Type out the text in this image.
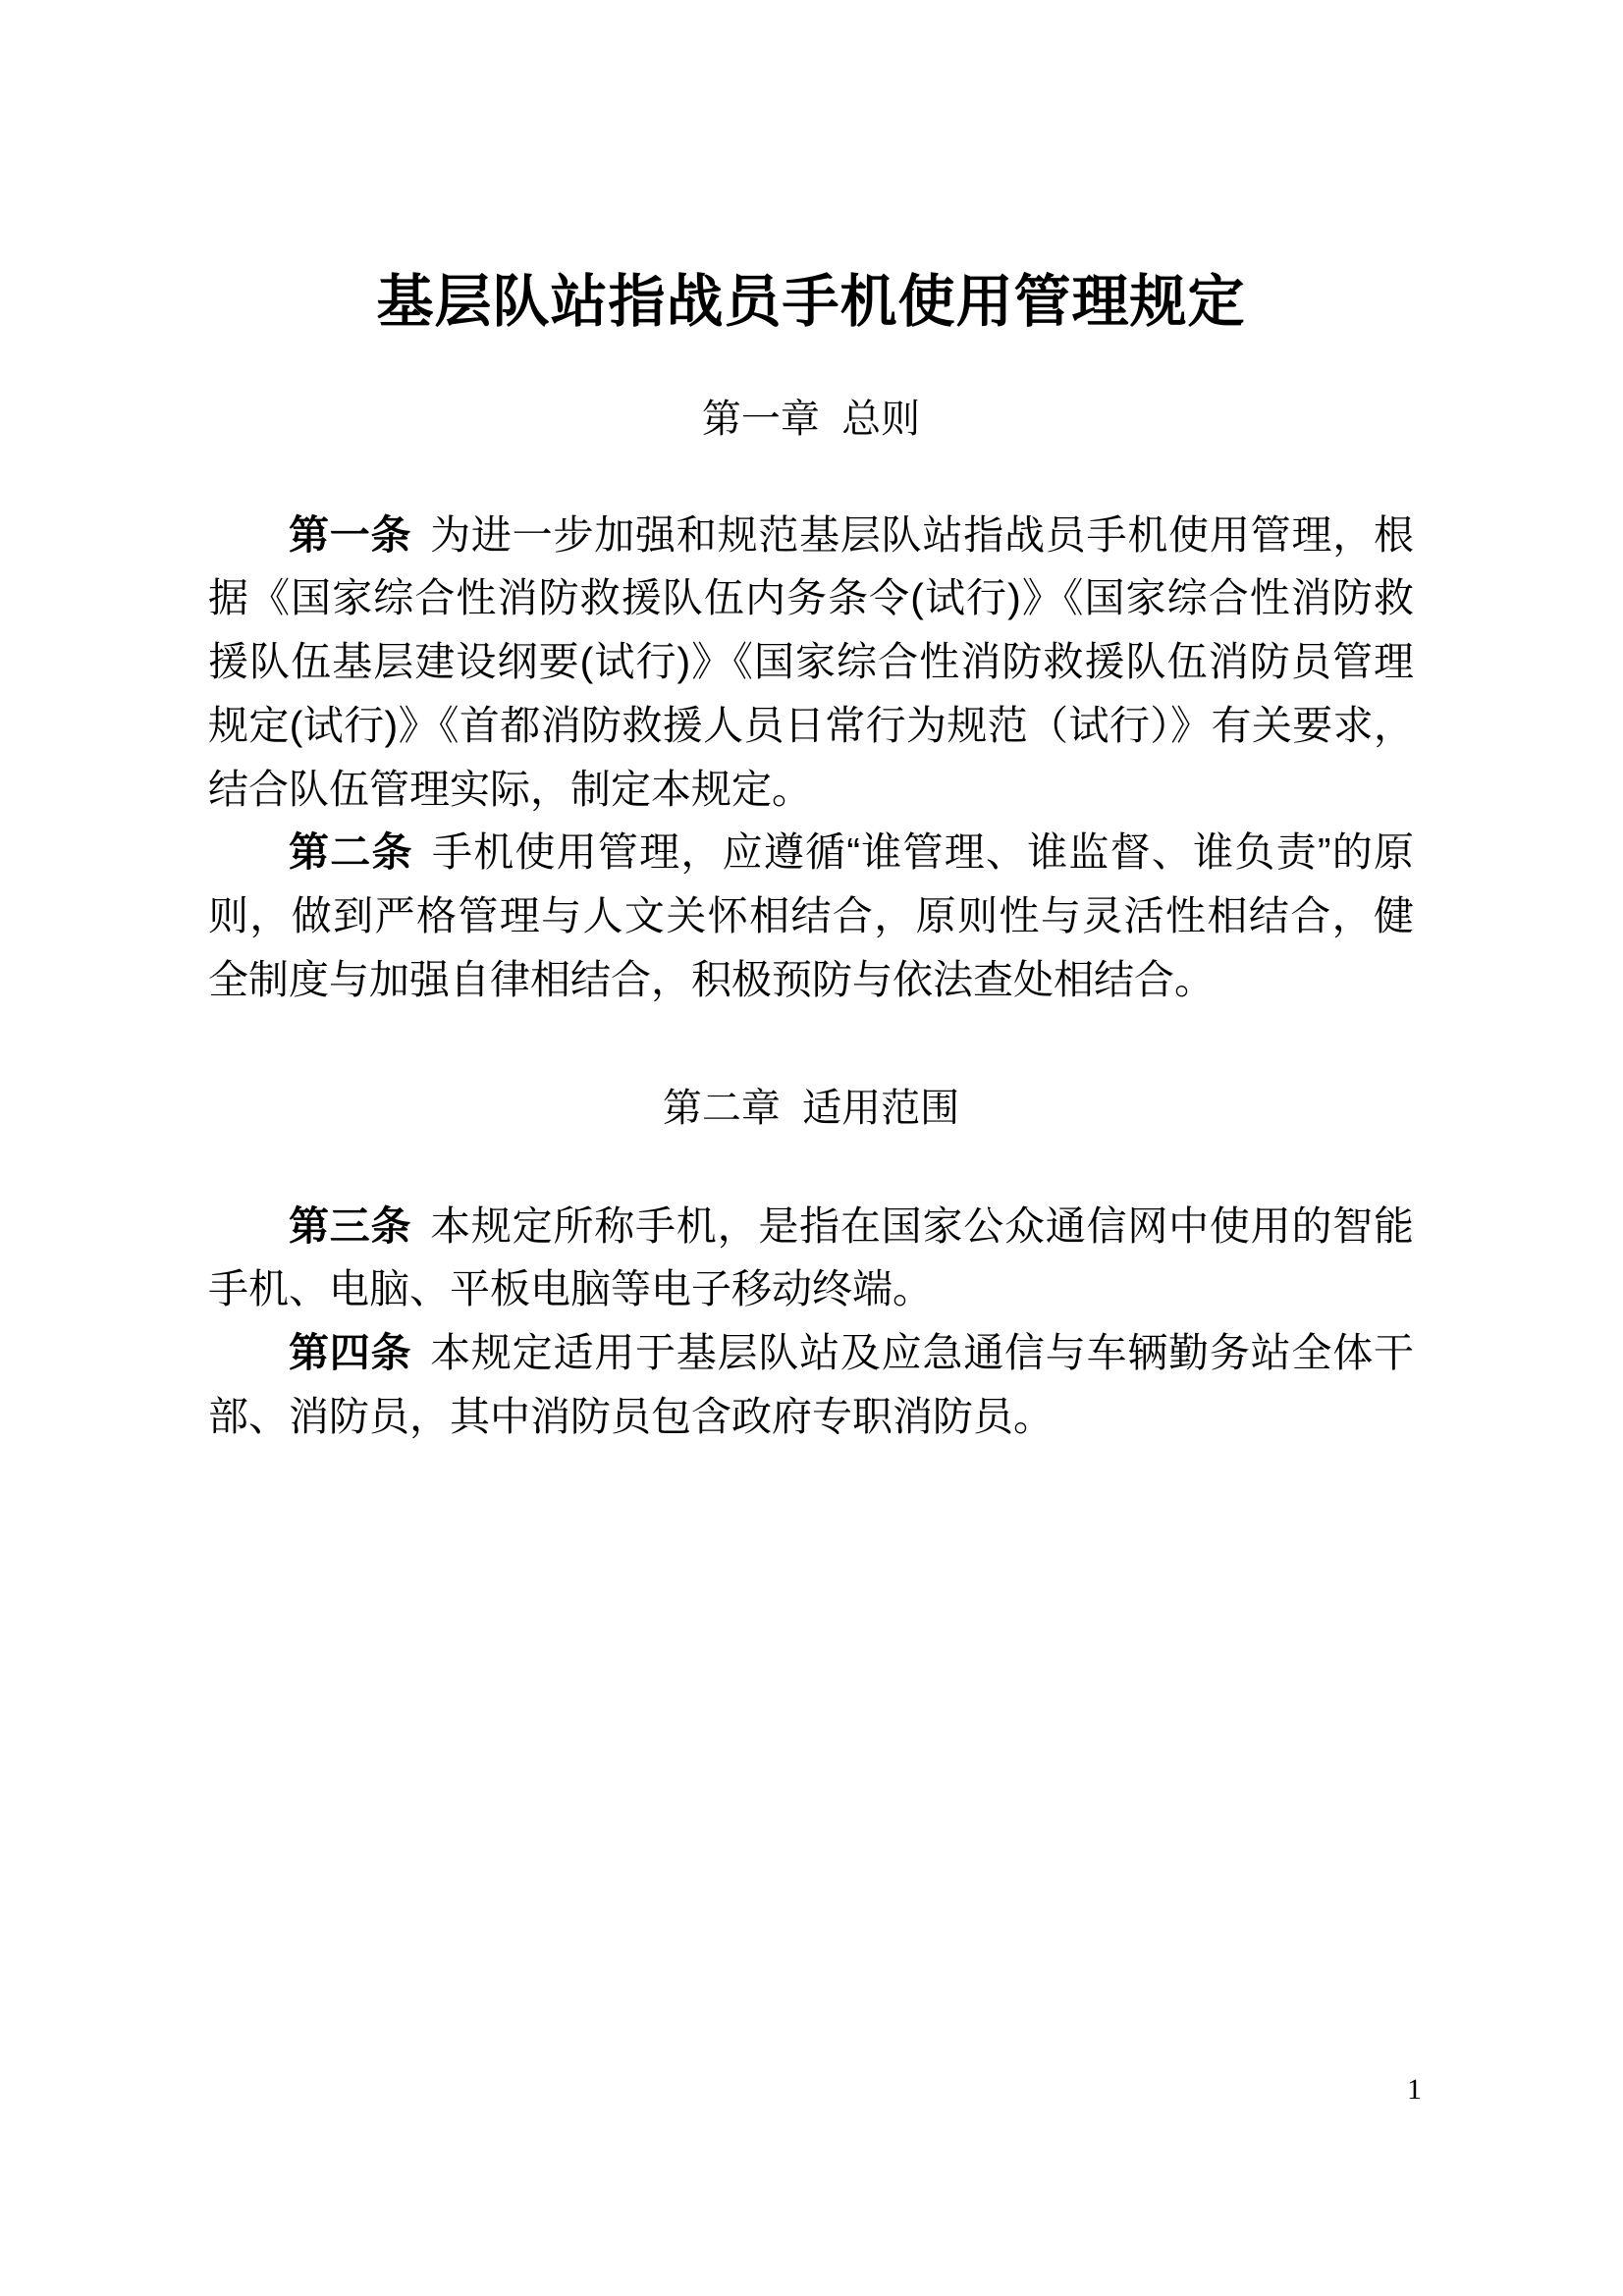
基层队站指战员手机使用管理规定
第一章  总则

第一条 为进一步加强和规范基层队站指战员手机使用管理，根据《国家综合性消防救援队伍内务条令(试行)》《国家综合性消防救援队伍基层建设纲要(试行)》《国家综合性消防救援队伍消防员管理规定(试行)》《首都消防救援人员日常行为规范（试行）》有关要求，结合队伍管理实际，制定本规定。

第二条 手机使用管理，应遵循“谁管理、谁监督、谁负责”的原则，做到严格管理与人文关怀相结合，原则性与灵活性相结合，健全制度与加强自律相结合，积极预防与依法查处相结合。

第二章  适用范围

第三条 本规定所称手机，是指在国家公众通信网中使用的智能手机、电脑、平板电脑等电子移动终端。

第四条 本规定适用于基层队站及应急通信与车辆勤务站全体干部、消防员，其中消防员包含政府专职消防员。

1
